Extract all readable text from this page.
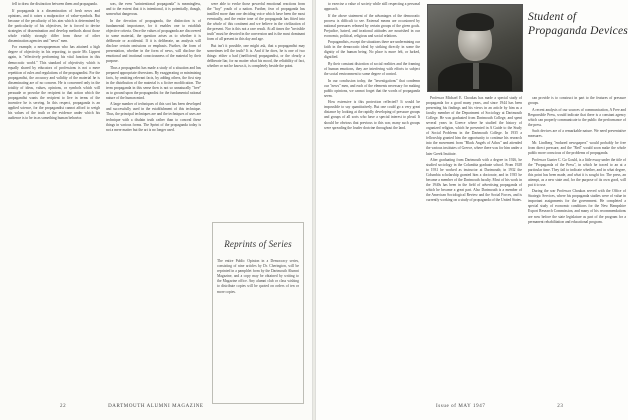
fell to draw the distinction between them and propaganda.

If propaganda is a dissemination of fresh news and opinions, and it raises a malpractice of value-symbols. But because of the peculiarity of his aim which is determined by the particularity of his objectives, he is forced to devise strategies of dissemination and develop methods about those whole visibly strongly differ from those of other dissemination agencies and "news" men.

For example, a newspaperman who has attained a high degree of objectivity in his reporting, to quote Mr. Lippert again, is "effectively performing his vital function in this democratic world." This standard of objectivity which is equally shared by educators of professions is not a mere repetition of rules and regulations of the propagandist. For the propagandist, the accuracy and validity of the material he is disseminating are of no concern. He is concerned only in the totality of ideas, values, opinions, or symbols which will persuade or provoke the recipient to that action which the propagandist wants the recipient to live in terms of the incentive he is serving. In this respect, propaganda is an applied science, for the propagandist cannot afford to weigh his values of the truth or the evidence under which his audience is to be in as something human behavior.

was, the even "unintentional propaganda" is meaningless, and to the extent that it is intentional, it is potentially, though, somewhat dangerous.

In the devotion of propaganda, the distinction is of fundamental importance, for it enables one to establish objective criteria. Once the values of propaganda are discovered to some material, the question arises as to whether it is deliberate or accidental. If it is deliberate, an analysis will disclose certain omissions or emphasis. Further, the form of presentation, whether in the form of news, will disclose the emotional and irrational consciousness of the material by their purpose.

Thus a propagandist has made a study of a situation and has prepared appropriate diversions. By exaggerating or minimizing facts, by omitting relevant facts, by adding others, the first step in the distribution of the material is a fictive modification. The term propaganda in this sense then is not so unnaturally "free" as to ground upon the propagandist for the fundamental rational nature of the human mind.

A large number of techniques of this sort has been developed and successfully used in the establishment of this technique. Thus, the principal techniques are and the techniques of uses are technique with a disdain truth rather than to conceal these things in various forms. The Sprint of the propaganda today is not a mere matter but the art is no longer used.

were able to evoke those powerful emotional reactions from the "boy'' youth of a nation. Further, fear of propaganda has instilled more than one deciding voice which have been the most eventually, and the entire tone of the propaganda has fitted into the whole of this continent and we believe in the civilization of the present. Nor is this not a rare result. At all times the "invisible truth" must be devoted in the conversion and is the most dominant form of all present in this day and age.

But isn't it possible, one might ask, that a propagandist may sometimes tell the truth? It is. And if he does, he is one of two things: either a bad (inefficient) propagandist, or the clearly a deliberate liar, for no matter what his mood, the reliability of fact, whether or not he knows it, is completely beside the point.

Reprints of Series
The entire Public Opinion in a Democracy series, consisting of nine articles by Dr. Cherington, will be reprinted in a pamphlet form by the Dartmouth Alumni Magazine, and a copy may be obtained by writing to the Magazine office. Any alumni club or class wishing to distribute copies will be quoted on orders of ten or more copies.
22	DARTMOUTH ALUMNI MAGAZINE

to exercise a value of society while still respecting a personal approach.

If the above statement of the advantages of the democratic process is difficult to see. External means are occasioned by national pressures released by certain groups of the given goals. Prejudice, hatred, and irrational attitudes are nourished in our economic, political, religious and social relations.

Propagandists, except the situations there are undermining our faith in the democratic ideal by striking directly in some the dignity of the human being. No place is more felt, or lurked, dignified.

By their constant distortion of social realities and the framing of human emotions, they are interfering with efforts to subject the social environment to some degree of control.

In our conclusion today, the "investigations" that condemn our "news" men, and each of the elements necessary for making public opinions, we cannot forget that the words of propaganda seem.

How extensive is this protection reflected? It would be impossible to say quantitatively. But one could go a very great distance by looking at the rapidly developing of pressure groups and groups of all sorts who have a special interest to plead. It should be obvious that previous to this war, many such groups were spreading the louder doctrine throughout the land.

Student of Propaganda Devices

Professor Michael E. Choukas has made a special study of propaganda for a good many years, and since 1944 has been presenting his findings and his views in an article by him as a faculty member of the Department of Sociology at Dartmouth College. He was graduated from Dartmouth College, and spent several years in Greece where he studied the history of organized religion, which he presented in A Guide to the Study of Social Problems in the Dartmouth College. In 1935 a fellowship granted him the opportunity to continue his research into the movement from "Black Angels of Athos" and attended the various institutes of Greece, where there was for him under a later Greek Institute.

After graduating from Dartmouth with a degree in 1926, he studied sociology in the Columbia graduate school. From 1928 to 1931 he worked as instructor at Dartmouth; in 1932 the Columbia scholarship granted him a doctorate, and in 1935 he became a member of the Dartmouth faculty. Most of his work in the 1940s has been in the field of advertising propaganda of which he became a great part. Also Dartmouth is a member of the American Sociological Review and the Social Forces, and is currently working on a study of propaganda of the United States.

can provide is to construct in part to the features of pressure groups.

A recent analysis of our sources of communication, A Free and Responsible Press, would indicate that there is a constant agency which can properly communicate to the public the performance of the press.

Such devices are of a remarkable nature. We need preventative measures.

Mr. Lindberg "endured newspapers" would probably be free from direct pressure, and the "Red" would soon make the whole public more conscious of the problems of propaganda.

Professor Gunter C. Go Gould, is a little essay under the title of the "Propaganda of the Press", in which he traced to an at a particular time. They fail to indicate whether, and in what degree, this point has been made, and what it is sought for. The press, an attempt, as a new state and, for the purpose of its own good, will put it to use.

During the war Professor Choukas served with the Office of Strategic Services, where his propaganda studies were of value in important assignments for the government. He completed a special study of economic conditions for the New Hampshire Export Research Commission, and many of his recommendations are now before the state legislature as part of the program for a permanent rehabilitation and educational program.

Issue of MAY 1947	23
